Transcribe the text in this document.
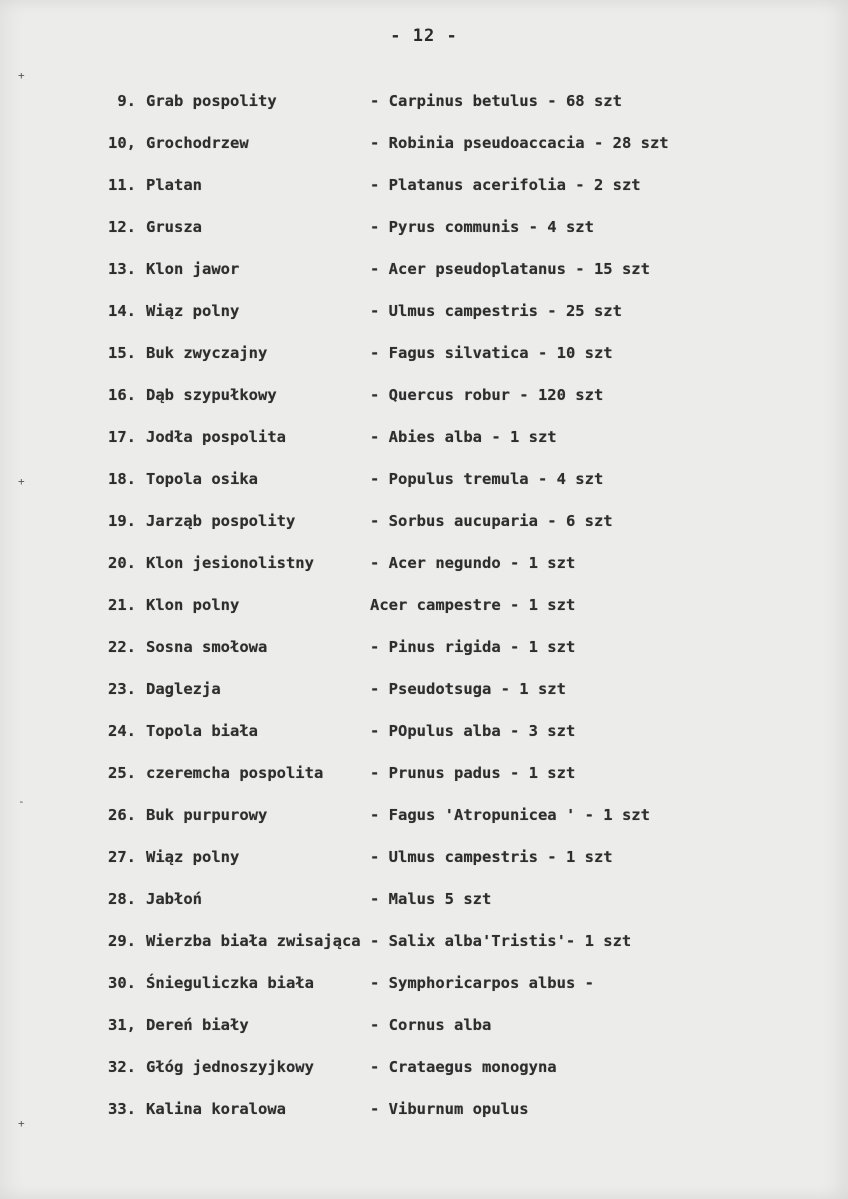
- 12 -
+
+
-
+
9. Grab pospolity	- Carpinus betulus - 68 szt
10, Grochodrzew	- Robinia pseudoaccacia - 28 szt
11. Platan	- Platanus acerifolia - 2 szt
12. Grusza	- Pyrus communis - 4 szt
13. Klon jawor	- Acer pseudoplatanus - 15 szt
14. Wiąz polny	- Ulmus campestris - 25 szt
15. Buk zwyczajny	- Fagus silvatica - 10 szt
16. Dąb szypułkowy	- Quercus robur - 120 szt
17. Jodła pospolita	- Abies alba - 1 szt
18. Topola osika	- Populus tremula - 4 szt
19. Jarząb pospolity	- Sorbus aucuparia - 6 szt
20. Klon jesionolistny	- Acer negundo - 1 szt
21. Klon polny	Acer campestre - 1 szt
22. Sosna smołowa	- Pinus rigida - 1 szt
23. Daglezja	- Pseudotsuga - 1 szt
24. Topola biała	- POpulus alba - 3 szt
25. czeremcha pospolita	- Prunus padus - 1 szt
26. Buk purpurowy	- Fagus 'Atropunicea ' - 1 szt
27. Wiąz polny	- Ulmus campestris - 1 szt
28. Jabłoń	- Malus 5 szt
29. Wierzba biała zwisająca - Salix alba'Tristis'- 1 szt
30. Śnieguliczka biała	- Symphoricarpos albus -
31, Dereń biały	- Cornus alba
32. Głóg jednoszyjkowy	- Crataegus monogyna
33. Kalina koralowa	- Viburnum opulus
